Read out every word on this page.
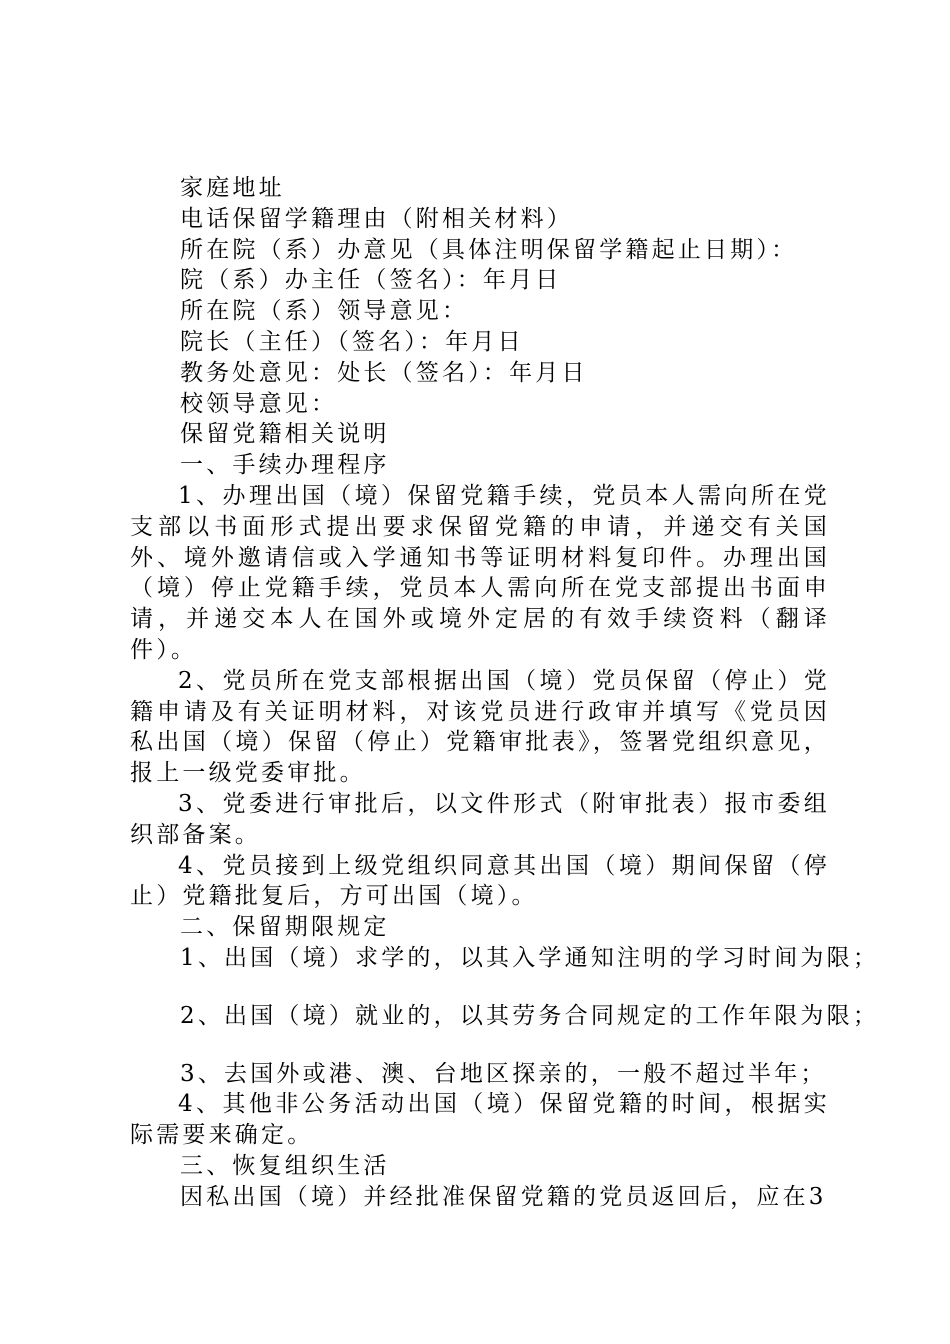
家庭地址
电话保留学籍理由（附相关材料）
所在院（系）办意见（具体注明保留学籍起止日期）：
院（系）办主任（签名）：年月日
所在院（系）领导意见：
院长（主任）（签名）：年月日
教务处意见：处长（签名）：年月日
校领导意见：
保留党籍相关说明
一、手续办理程序
1、办理出国（境）保留党籍手续，党员本人需向所在党支部以书面形式提出要求保留党籍的申请，并递交有关国外、境外邀请信或入学通知书等证明材料复印件。办理出国（境）停止党籍手续，党员本人需向所在党支部提出书面申请，并递交本人在国外或境外定居的有效手续资料（翻译件）。
2、党员所在党支部根据出国（境）党员保留（停止）党籍申请及有关证明材料，对该党员进行政审并填写《党员因私出国（境）保留（停止）党籍审批表》，签署党组织意见，报上一级党委审批。
3、党委进行审批后，以文件形式（附审批表）报市委组织部备案。
4、党员接到上级党组织同意其出国（境）期间保留（停止）党籍批复后，方可出国（境）。
二、保留期限规定
1、出国（境）求学的，以其入学通知注明的学习时间为限；
2、出国（境）就业的，以其劳务合同规定的工作年限为限；
3、去国外或港、澳、台地区探亲的，一般不超过半年；
4、其他非公务活动出国（境）保留党籍的时间，根据实际需要来确定。
三、恢复组织生活
因私出国（境）并经批准保留党籍的党员返回后，应在3
